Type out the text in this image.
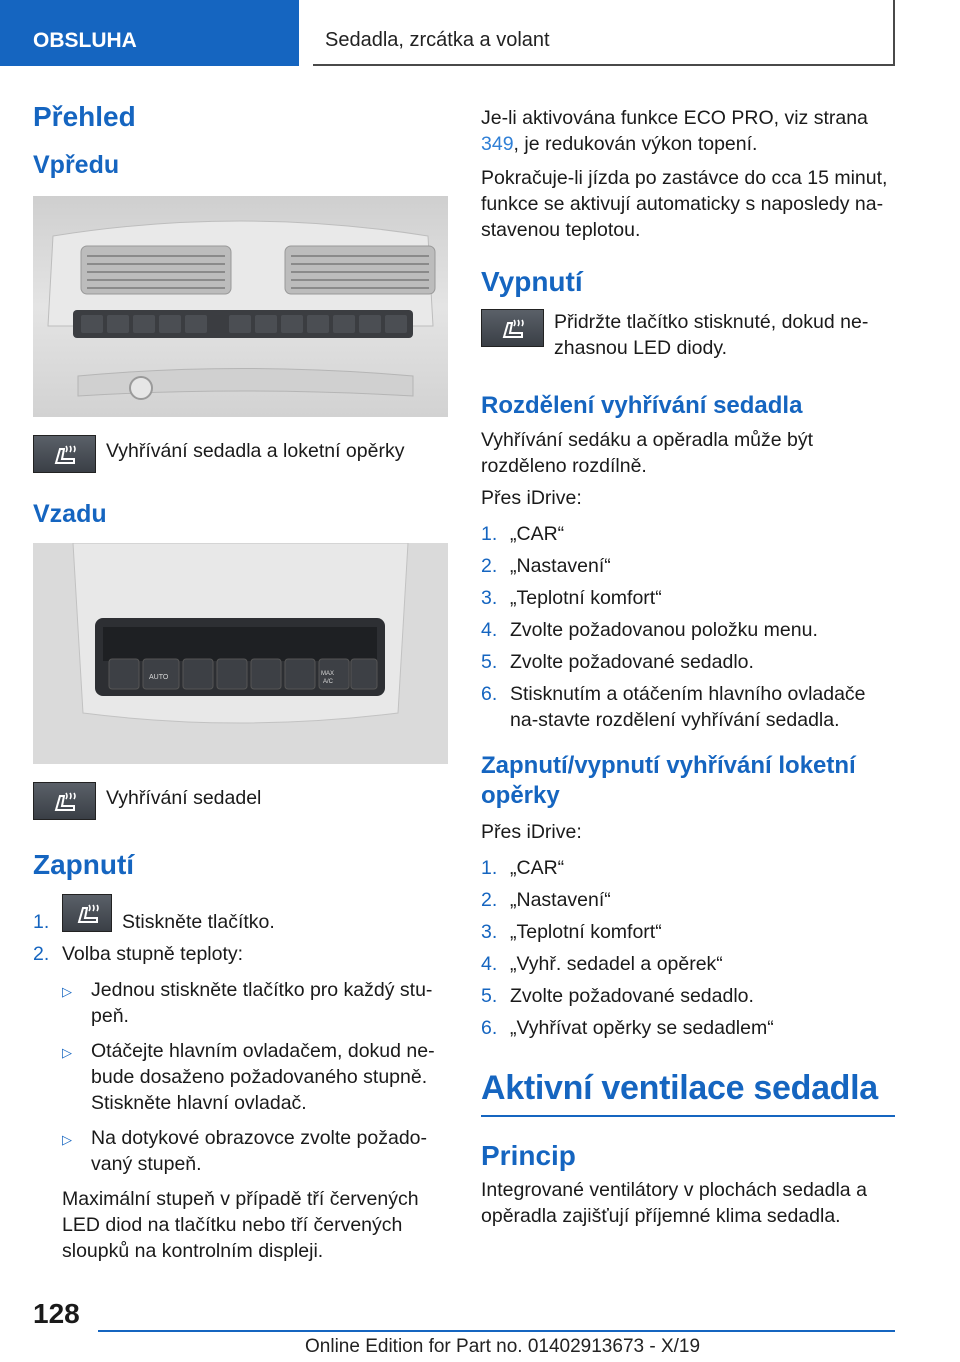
OBSLUHA	Sedadla, zrcátka a volant
Přehled
Vpředu
Vyhřívání sedadla a loketní opěrky
Vzadu
AUTO	MAX
A/C
Vyhřívání sedadel
Zapnutí
1.	Stiskněte tlačítko.
2. Volba stupně teploty:
▷ Jednou stiskněte tlačítko pro každý stu-peň.
▷ Otáčejte hlavním ovladačem, dokud ne-bude dosaženo požadovaného stupně. Stiskněte hlavní ovladač.
▷ Na dotykové obrazovce zvolte požado-vaný stupeň.

Maximální stupeň v případě tří červených LED diod na tlačítku nebo tří červených sloupků na kontrolním displeji.

Je-li aktivována funkce ECO PRO, viz strana 349, je redukován výkon topení.

Pokračuje-li jízda po zastávce do cca 15 minut, funkce se aktivují automaticky s naposledy na-stavenou teplotou.

Vypnutí
Přidržte tlačítko stisknuté, dokud ne-zhasnou LED diody.
Rozdělení vyhřívání sedadla

Vyhřívání sedáku a opěradla může být rozděleno rozdílně.

Přes iDrive:

1. „CAR“
2. „Nastavení“
3. „Teplotní komfort“
4. Zvolte požadovanou položku menu.
5. Zvolte požadované sedadlo.
6. Stisknutím a otáčením hlavního ovladače na-stavte rozdělení vyhřívání sedadla.
Zapnutí/vypnutí vyhřívání loketní opěrky

Přes iDrive:

1. „CAR“
2. „Nastavení“
3. „Teplotní komfort“
4. „Vyhř. sedadel a opěrek“
5. Zvolte požadované sedadlo.
6. „Vyhřívat opěrky se sedadlem“
Aktivní ventilace sedadla
Princip

Integrované ventilátory v plochách sedadla a opěradla zajišťují příjemné klima sedadla.

128
Online Edition for Part no. 01402913673 - X/19
